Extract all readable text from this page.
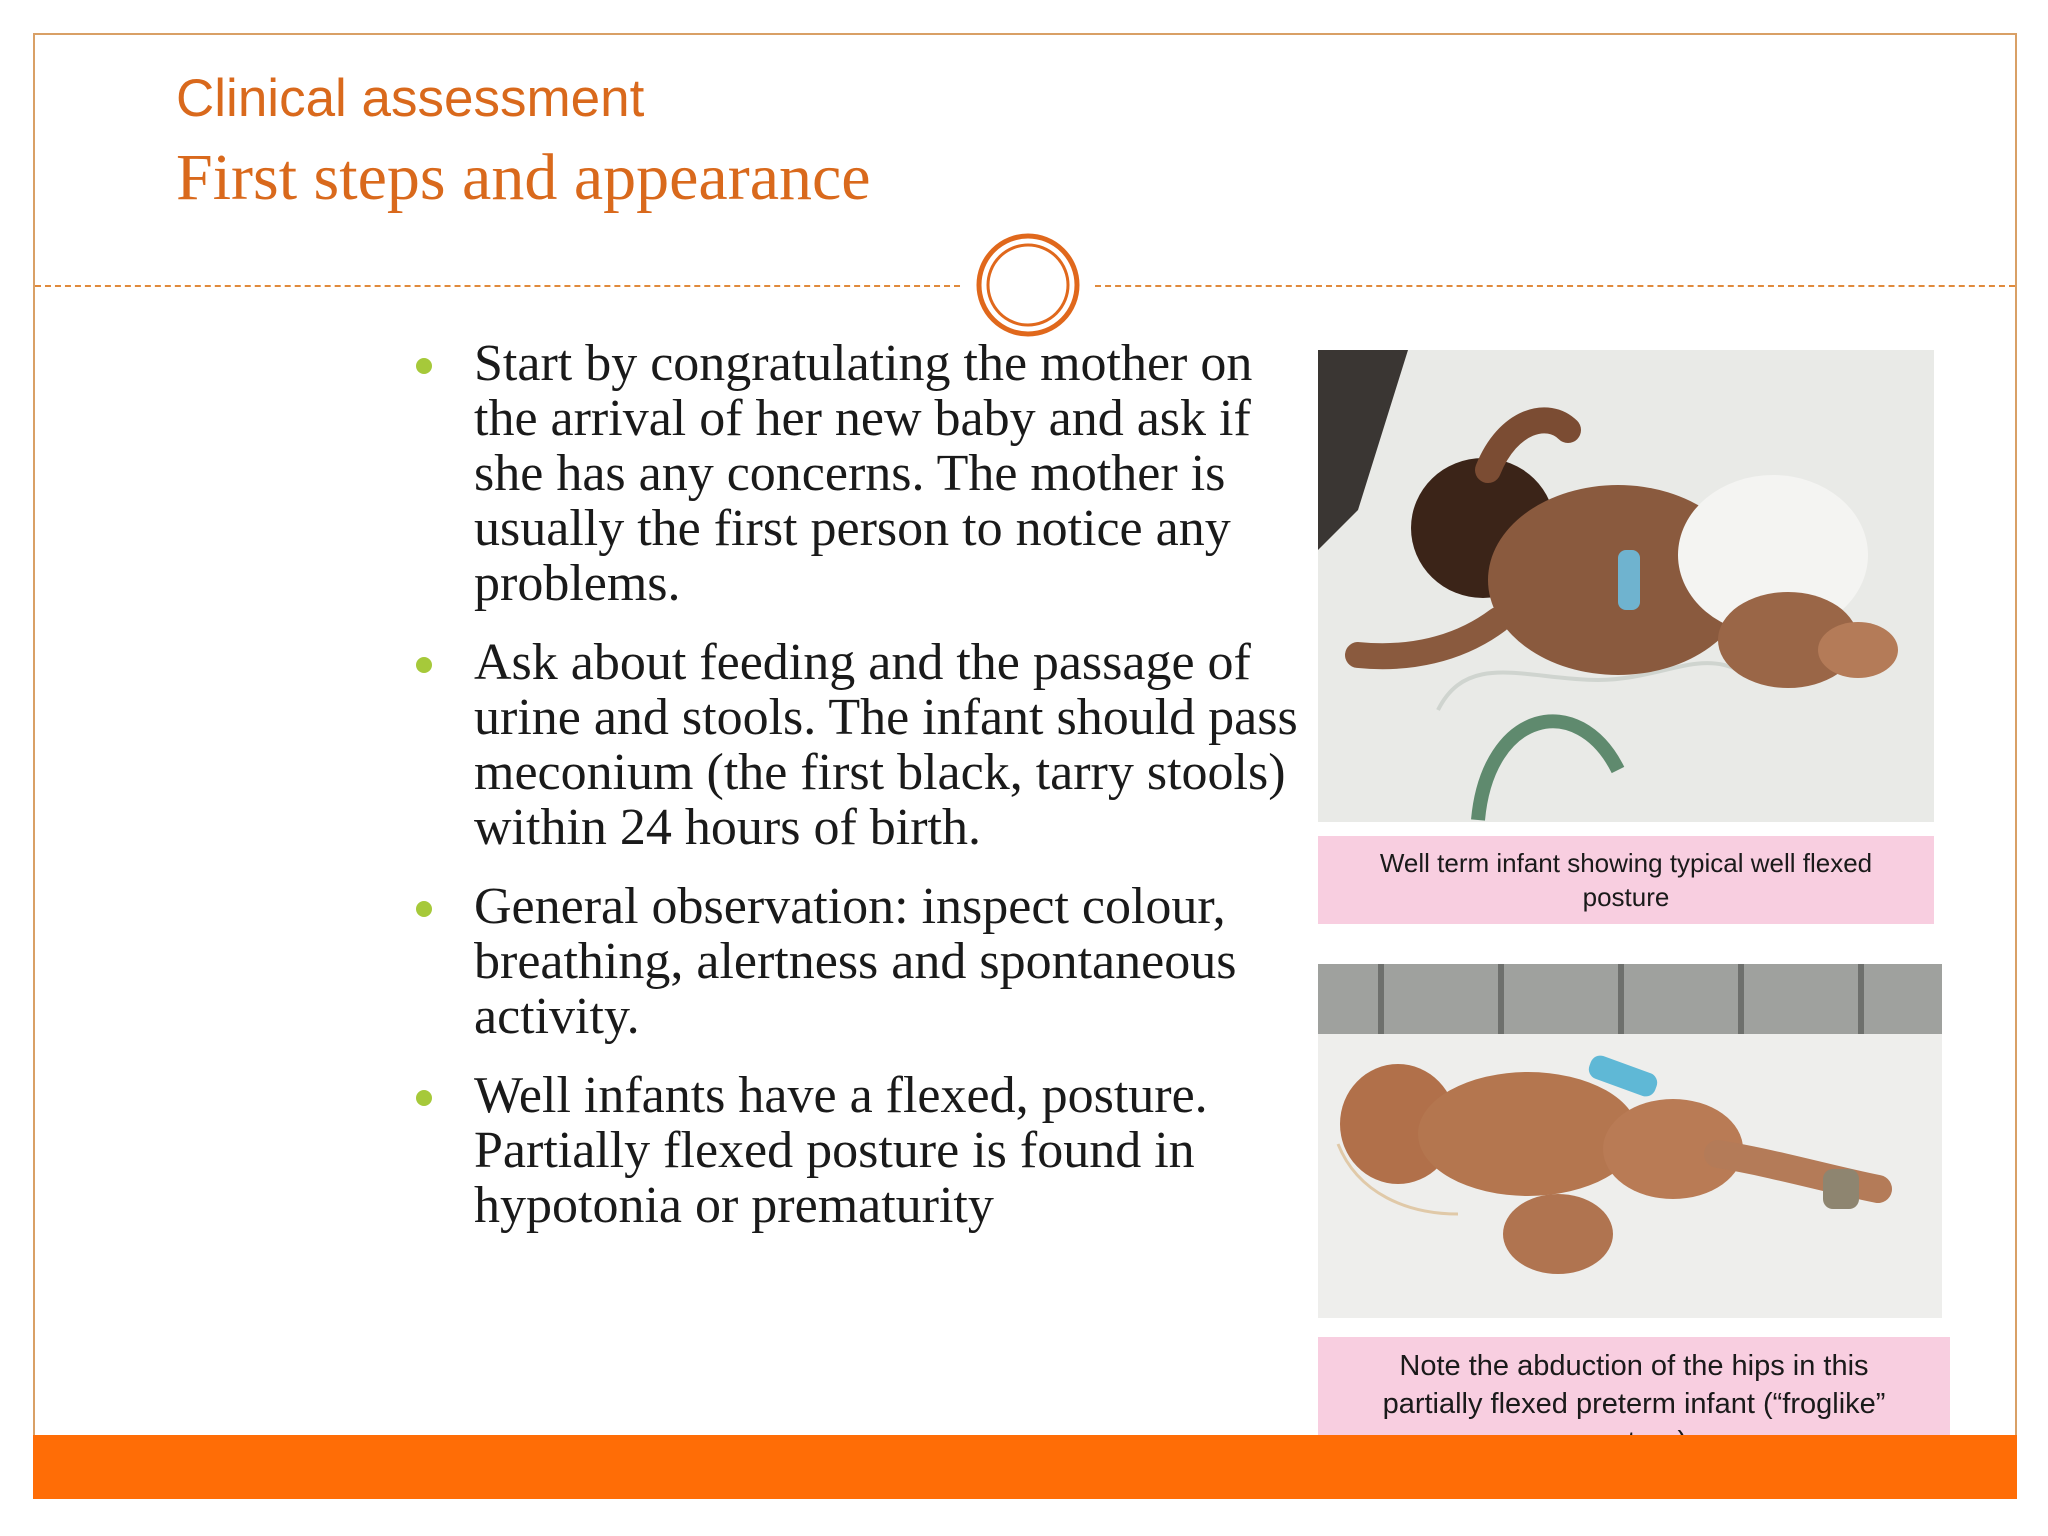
Clinical assessment
First steps and appearance
Start by congratulating the mother on the arrival of her new baby and ask if she has any concerns. The mother is usually the first person to notice any problems.
Ask about feeding and the passage of urine and stools. The infant should pass meconium (the first black, tarry stools) within 24 hours of birth.
General observation: inspect colour, breathing, alertness and spontaneous activity.
Well infants have a flexed, posture. Partially flexed posture is found in hypotonia or prematurity
Well term infant showing typical well flexed posture
Note the abduction of the hips in this partially flexed preterm infant (“froglike”
